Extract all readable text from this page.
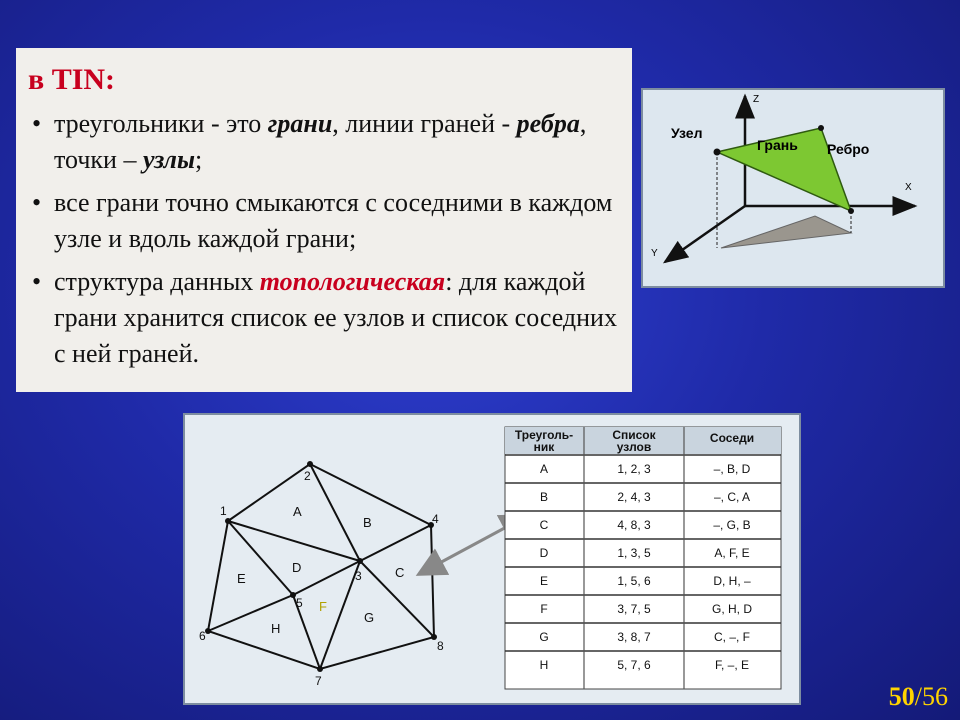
в TIN:
• треугольники - это грани, линии граней - ребра, точки – узлы;
• все грани точно смыкаются с соседними в каждом узле и вдоль каждой грани;
• структура данных топологическая: для каждой грани хранится список ее узлов и список соседних с ней граней.
Z
X
Y
Узел
Грань Ребро
1
2
3
4
5
6
7
8
A
B
C
D
E
F
G
H
Треуголь-
ник
Список
узлов
Соседи
A	1, 2, 3	–, B, D
B	2, 4, 3	–, C, A
C	4, 8, 3	–, G, B
D	1, 3, 5	A, F, E
E	1, 5, 6	D, H, –
F	3, 7, 5	G, H, D
G	3, 8, 7	C, –, F
H	5, 7, 6	F, –, E
50/56
